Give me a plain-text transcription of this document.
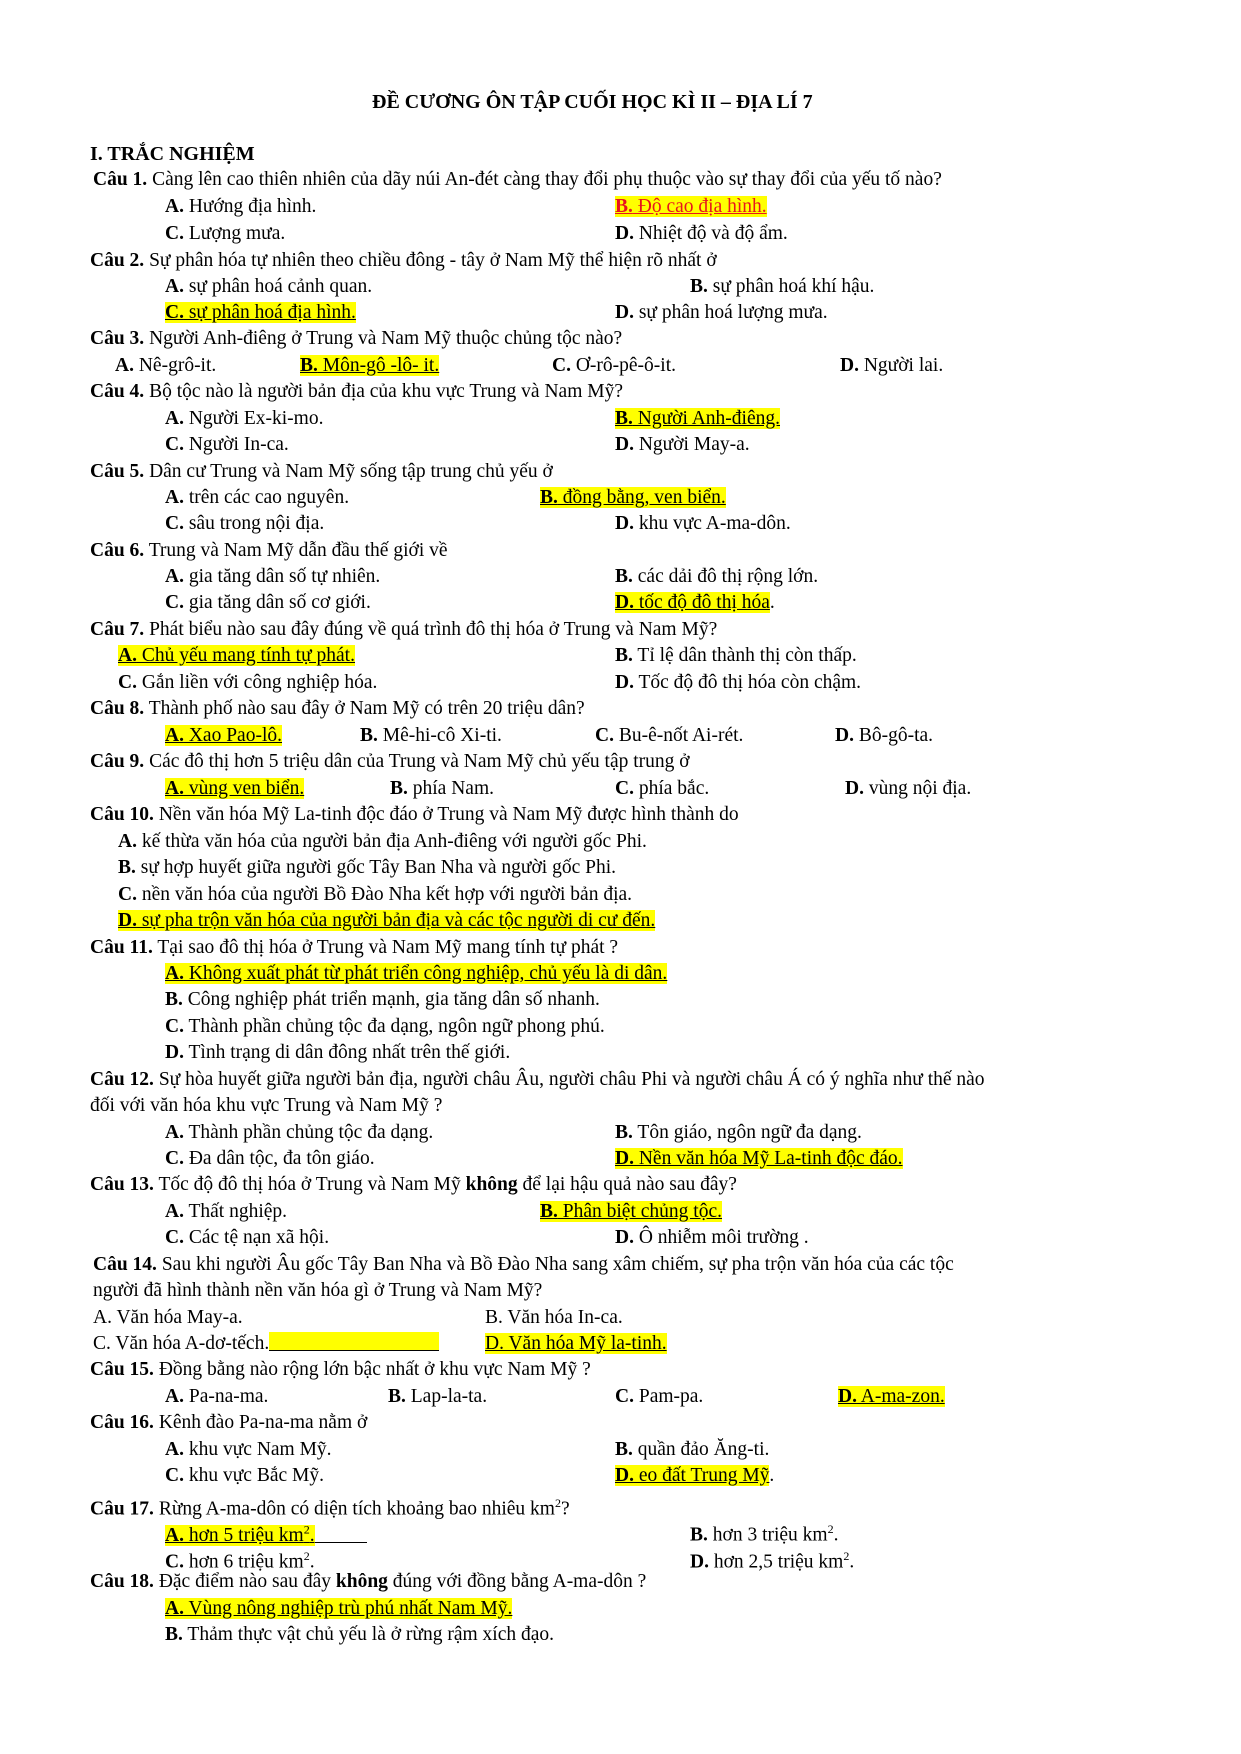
ĐỀ CƯƠNG ÔN TẬP CUỐI HỌC KÌ II – ĐỊA LÍ 7
I. TRẮC NGHIỆM
Câu 1. Càng lên cao thiên nhiên của dãy núi An-đét càng thay đổi phụ thuộc vào sự thay đổi của yếu tố nào?
A. Hướng địa hình.	B. Độ cao địa hình.
C. Lượng mưa.	D. Nhiệt độ và độ ẩm.
Câu 2. Sự phân hóa tự nhiên theo chiều đông - tây ở Nam Mỹ thể hiện rõ nhất ở
A. sự phân hoá cảnh quan.	B. sự phân hoá khí hậu.
C. sự phân hoá địa hình.	D. sự phân hoá lượng mưa.
Câu 3. Người Anh-điêng ở Trung và Nam Mỹ thuộc chủng tộc nào?
A. Nê-grô-it.	B. Môn-gô -lô- it.	C. Ơ-rô-pê-ô-it.	D. Người lai.
Câu 4. Bộ tộc nào là người bản địa của khu vực Trung và Nam Mỹ?
A. Người Ex-ki-mo.	B. Người Anh-điêng.
C. Người In-ca.	D. Người May-a.
Câu 5. Dân cư Trung và Nam Mỹ sống tập trung chủ yếu ở
A. trên các cao nguyên.	B. đồng bằng, ven biển.
C. sâu trong nội địa.	D. khu vực A-ma-dôn.
Câu 6. Trung và Nam Mỹ dẫn đầu thế giới về
A. gia tăng dân số tự nhiên.	B. các dải đô thị rộng lớn.
C. gia tăng dân số cơ giới.	D. tốc độ đô thị hóa.
Câu 7. Phát biểu nào sau đây đúng về quá trình đô thị hóa ở Trung và Nam Mỹ?
A. Chủ yếu mang tính tự phát.	B. Tỉ lệ dân thành thị còn thấp.
C. Gắn liền với công nghiệp hóa.	D. Tốc độ đô thị hóa còn chậm.
Câu 8. Thành phố nào sau đây ở Nam Mỹ có trên 20 triệu dân?
A. Xao Pao-lô.	B. Mê-hi-cô Xi-ti.	C. Bu-ê-nốt Ai-rét.	D. Bô-gô-ta.
Câu 9. Các đô thị hơn 5 triệu dân của Trung và Nam Mỹ chủ yếu tập trung ở
A. vùng ven biển.	B. phía Nam.	C. phía bắc.	D. vùng nội địa.
Câu 10. Nền văn hóa Mỹ La-tinh độc đáo ở Trung và Nam Mỹ được hình thành do
A. kế thừa văn hóa của người bản địa Anh-điêng với người gốc Phi.
B. sự hợp huyết giữa người gốc Tây Ban Nha và người gốc Phi.
C. nền văn hóa của người Bồ Đào Nha kết hợp với người bản địa.
D. sự pha trộn văn hóa của người bản địa và các tộc người di cư đến.
Câu 11. Tại sao đô thị hóa ở Trung và Nam Mỹ mang tính tự phát ?
A. Không xuất phát từ phát triển công nghiệp, chủ yếu là di dân.
B. Công nghiệp phát triển mạnh, gia tăng dân số nhanh.
C. Thành phần chủng tộc đa dạng, ngôn ngữ phong phú.
D. Tình trạng di dân đông nhất trên thế giới.
Câu 12. Sự hòa huyết giữa người bản địa, người châu Âu, người châu Phi và người châu Á có ý nghĩa như thế nào
đối với văn hóa khu vực Trung và Nam Mỹ ?
A. Thành phần chủng tộc đa dạng.	B. Tôn giáo, ngôn ngữ đa dạng.
C. Đa dân tộc, đa tôn giáo.	D. Nền văn hóa Mỹ La-tinh độc đáo.
Câu 13. Tốc độ đô thị hóa ở Trung và Nam Mỹ không để lại hậu quả nào sau đây?
A. Thất nghiệp.	B. Phân biệt chủng tộc.
C. Các tệ nạn xã hội.	D. Ô nhiễm môi trường .
Câu 14. Sau khi người Âu gốc Tây Ban Nha và Bồ Đào Nha sang xâm chiếm, sự pha trộn văn hóa của các tộc
người đã hình thành nền văn hóa gì ở Trung và Nam Mỹ?
A. Văn hóa May-a.	B. Văn hóa In-ca.
C. Văn hóa A-dơ-tếch.	D. Văn hóa Mỹ la-tinh.
Câu 15. Đồng bằng nào rộng lớn bậc nhất ở khu vực Nam Mỹ ?
A. Pa-na-ma.	B. Lap-la-ta.	C. Pam-pa.	D. A-ma-zon.
Câu 16. Kênh đào Pa-na-ma nằm ở
A. khu vực Nam Mỹ.	B. quần đảo Ăng-ti.
C. khu vực Bắc Mỹ.	D. eo đất Trung Mỹ.
Câu 17. Rừng A-ma-dôn có diện tích khoảng bao nhiêu $km^2$?
A. hơn 5 triệu $km^2$.	B. hơn 3 triệu $km^2$.
C. hơn 6 triệu $km^2$.	D. hơn 2,5 triệu $km^2$.
Câu 18. Đặc điểm nào sau đây không đúng với đồng bằng A-ma-dôn ?
A. Vùng nông nghiệp trù phú nhất Nam Mỹ.
B. Thảm thực vật chủ yếu là ở rừng rậm xích đạo.
